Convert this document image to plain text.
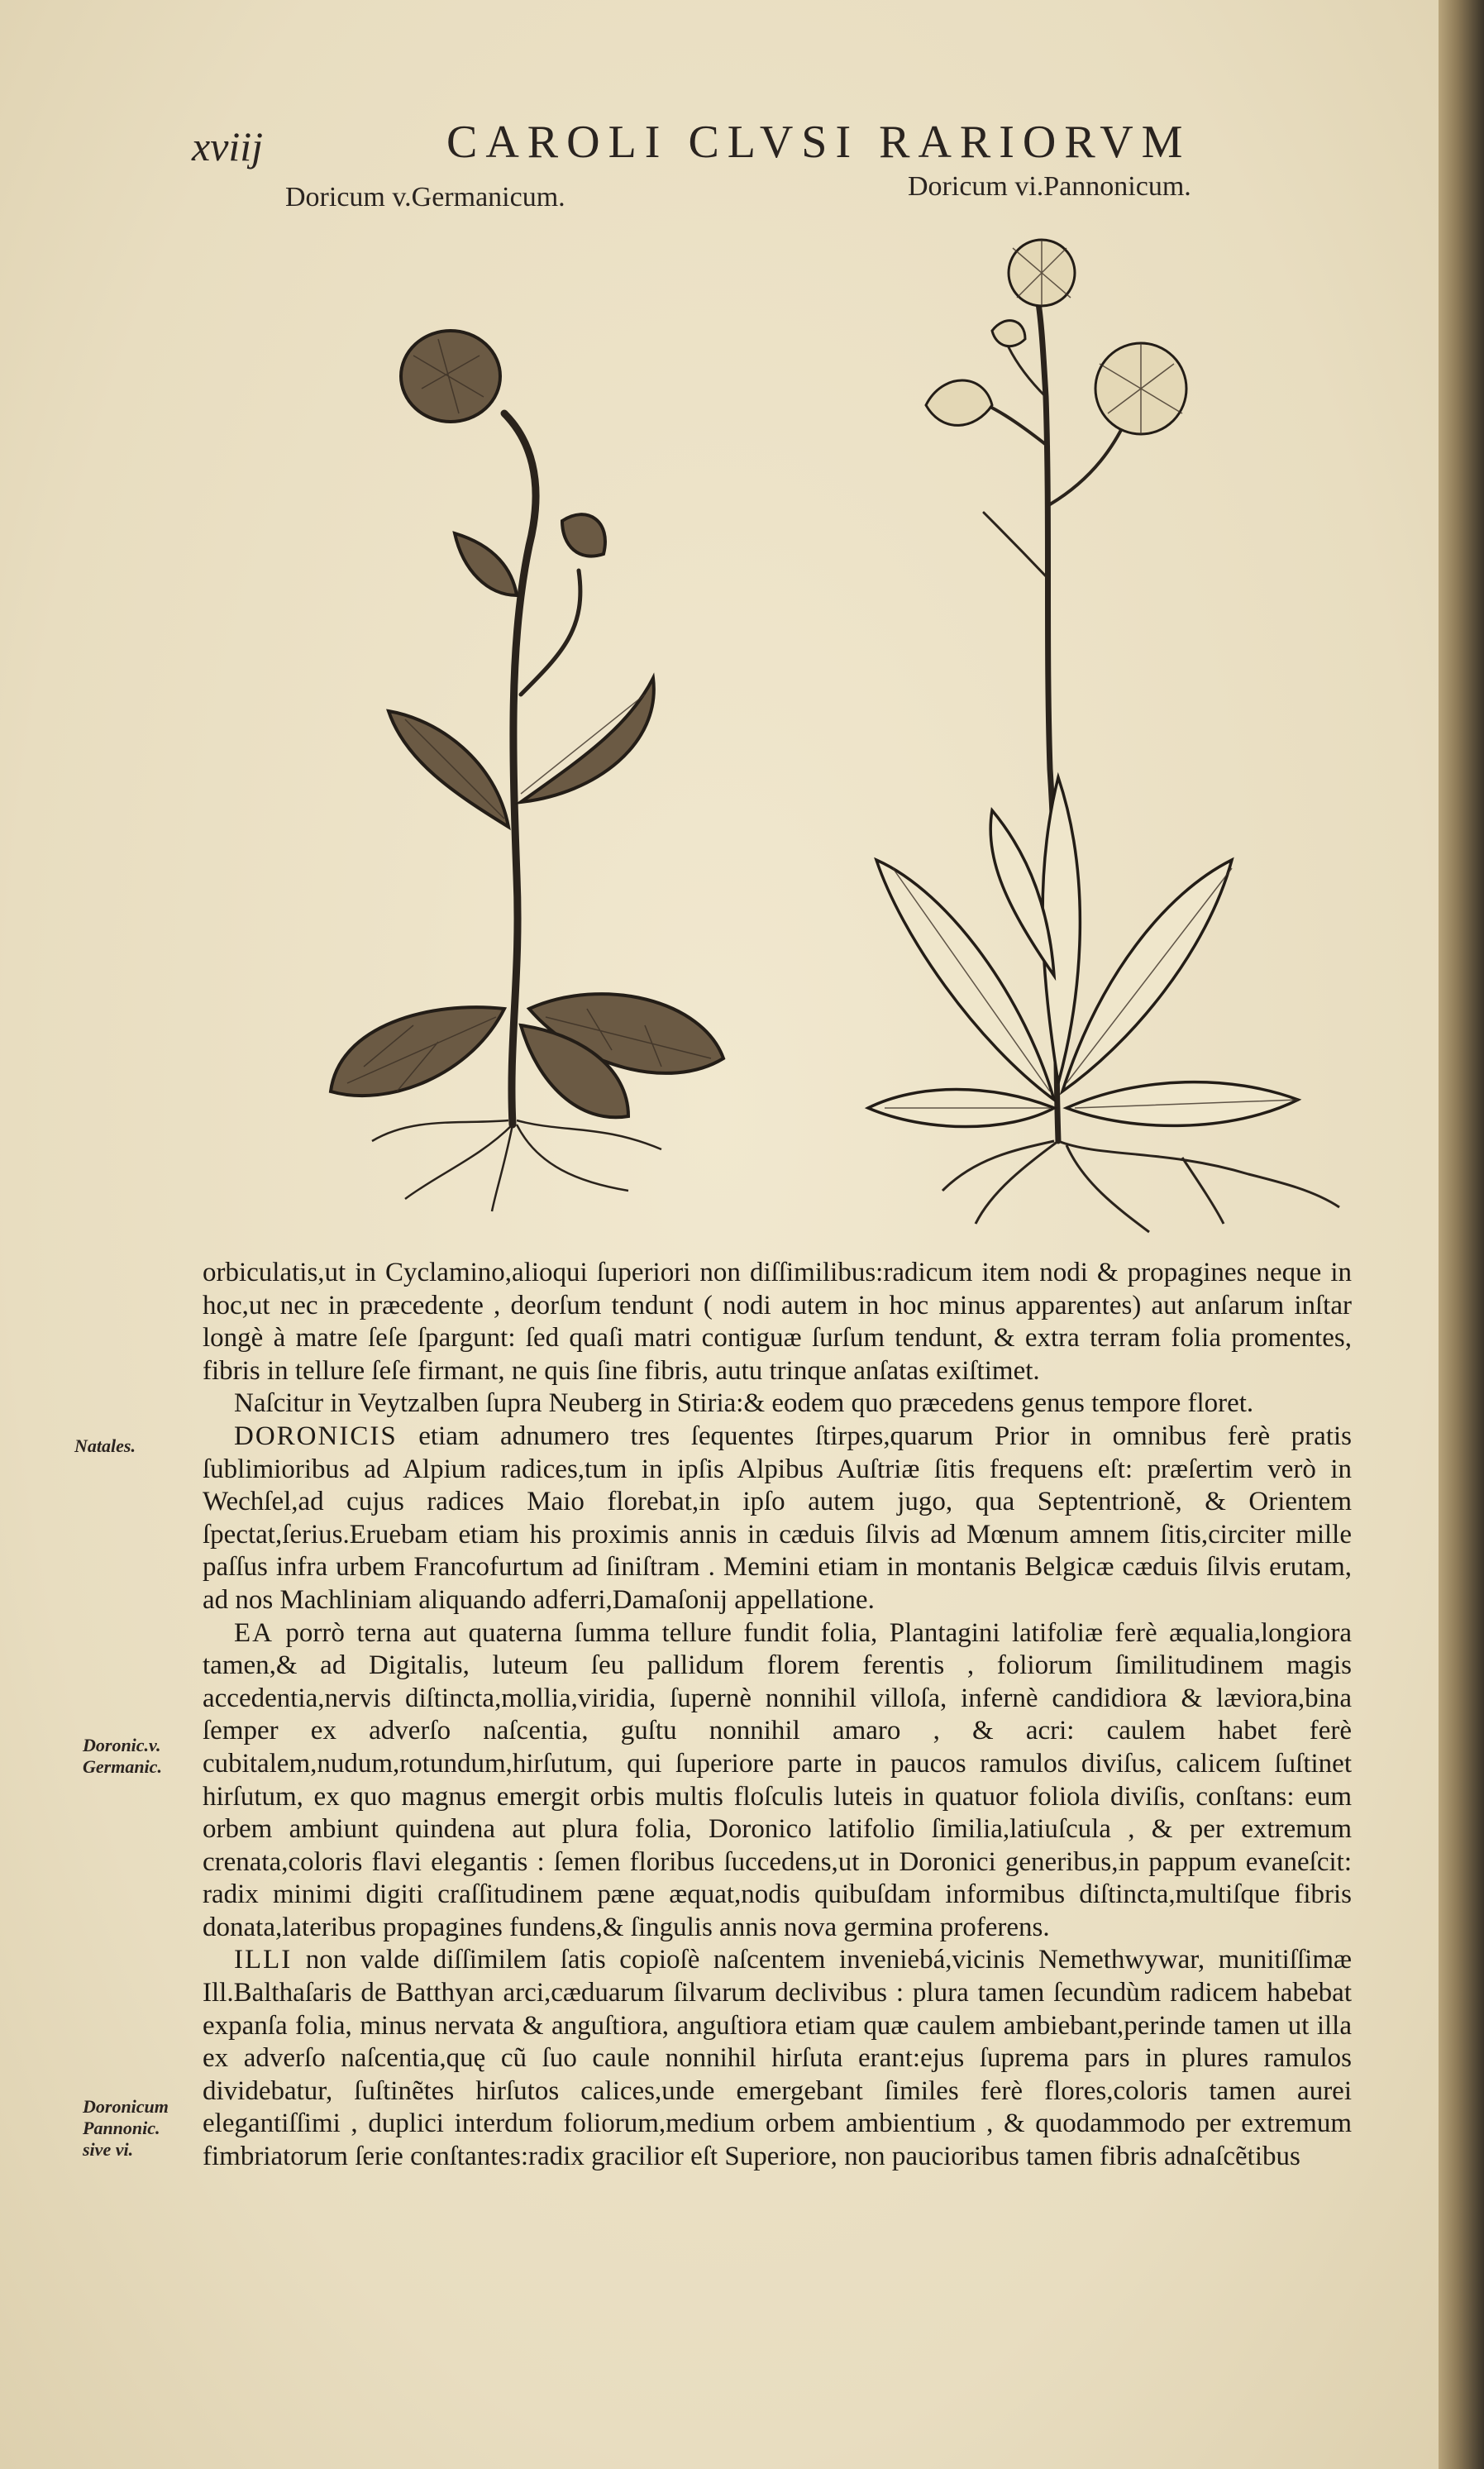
xviij	CAROLI CLVSI RARIORVM
Doricum v.Germanicum.	Doricum vi.Pannonicum.
Natales.
Doronic.v. Germanic.
Doronicum Pannonic. sive vi.

orbiculatis,ut in Cyclamino,alioqui ſuperiori non diſſimilibus:radicum item nodi & propagines neque in hoc,ut nec in præcedente , deorſum tendunt ( nodi autem in hoc minus apparentes) aut anſarum inſtar longè à matre ſeſe ſpargunt: ſed quaſi matri contiguæ ſurſum tendunt, & extra terram folia promentes, fibris in tellure ſeſe firmant, ne quis ſine fibris, autu trinque anſatas exiſtimet.

Naſcitur in Veytzalben ſupra Neuberg in Stiria:& eodem quo præcedens genus tempore floret.

DORONICIS etiam adnumero tres ſequentes ſtirpes,quarum Prior in omnibus ferè pratis ſublimioribus ad Alpium radices,tum in ipſis Alpibus Auſtriæ ſitis frequens eſt: præſertim verò in Wechſel,ad cujus radices Maio florebat,in ipſo autem jugo, qua Septentrioně, & Orientem ſpectat,ſerius.Eruebam etiam his proximis annis in cæduis ſilvis ad Mœnum amnem ſitis,circiter mille paſſus infra urbem Francofurtum ad ſiniſtram . Memini etiam in montanis Belgicæ cæduis ſilvis erutam, ad nos Machliniam aliquando adferri,Damaſonij appellatione.

EA porrò terna aut quaterna ſumma tellure fundit folia, Plantagini latifoliæ ferè æqualia,longiora tamen,& ad Digitalis, luteum ſeu pallidum florem ferentis , foliorum ſimilitudinem magis accedentia,nervis diſtincta,mollia,viridia, ſupernè nonnihil villoſa, infernè candidiora & læviora,bina ſemper ex adverſo naſcentia, guſtu nonnihil amaro , & acri: caulem habet ferè cubitalem,nudum,rotundum,hirſutum, qui ſuperiore parte in paucos ramulos diviſus, calicem ſuſtinet hirſutum, ex quo magnus emergit orbis multis floſculis luteis in quatuor foliola diviſis, conſtans: eum orbem ambiunt quindena aut plura folia, Doronico latifolio ſimilia,latiuſcula , & per extremum crenata,coloris flavi elegantis : ſemen floribus ſuccedens,ut in Doronici generibus,in pappum evaneſcit: radix minimi digiti craſſitudinem pæne æquat,nodis quibuſdam informibus diſtincta,multiſque fibris donata,lateribus propagines fundens,& ſingulis annis nova germina proferens.

ILLI non valde diſſimilem ſatis copioſè naſcentem inveniebá,vicinis Nemethwywar, munitiſſimæ Ill.Balthaſaris de Batthyan arci,cæduarum ſilvarum declivibus : plura tamen ſecundùm radicem habebat expanſa folia, minus nervata & anguſtiora, anguſtiora etiam quæ caulem ambiebant,perinde tamen ut illa ex adverſo naſcentia,quę cũ ſuo caule nonnihil hirſuta erant:ejus ſuprema pars in plures ramulos dividebatur, ſuſtinẽtes hirſutos calices,unde emergebant ſimiles ferè flores,coloris tamen aurei elegantiſſimi , duplici interdum foliorum,medium orbem ambientium , & quodammodo per extremum fimbriatorum ſerie conſtantes:radix gracilior eſt Superiore, non paucioribus tamen fibris adnaſcẽtibus
